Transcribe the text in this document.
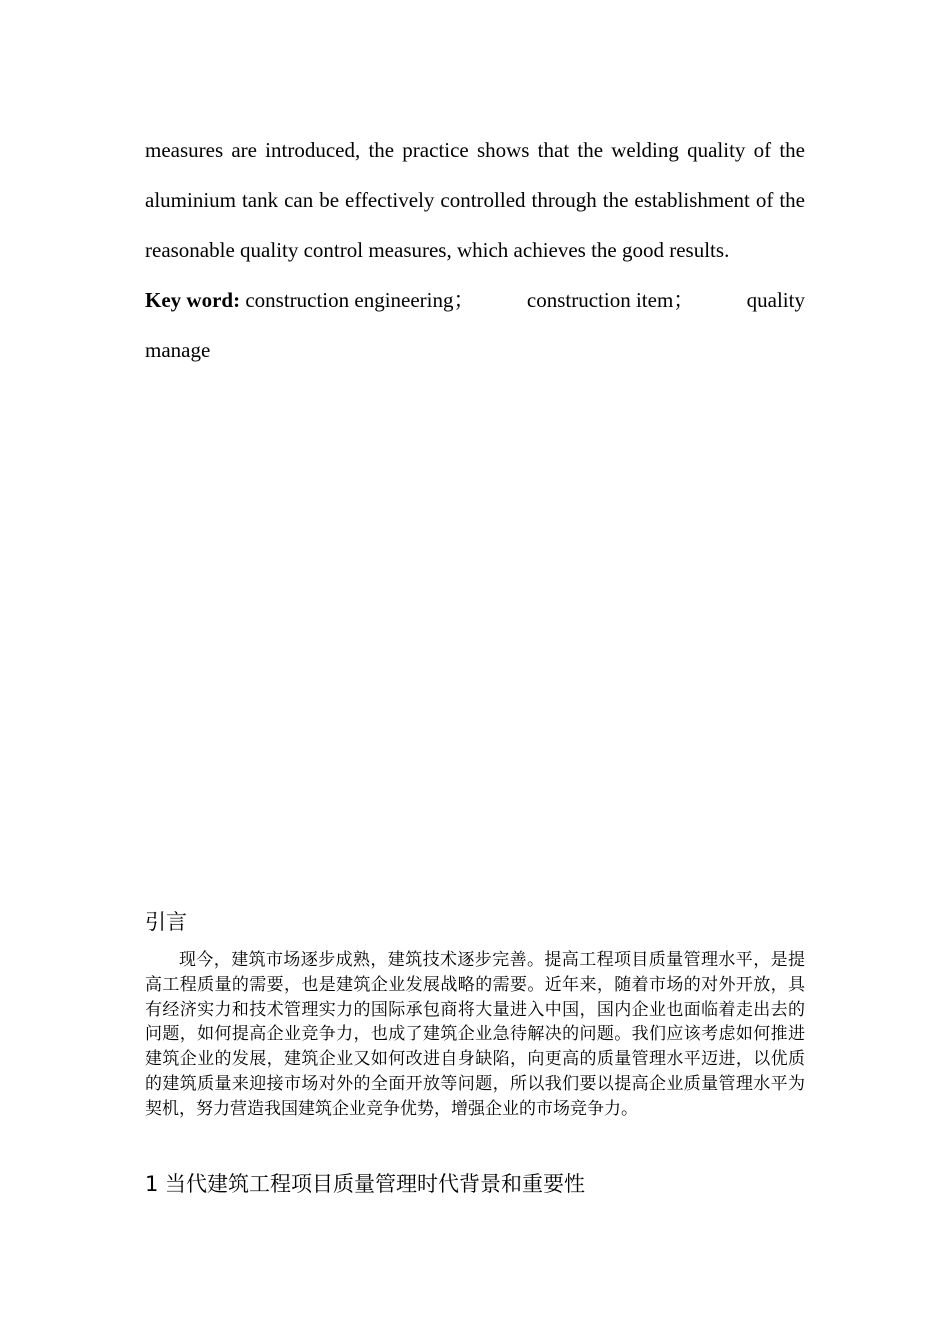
measures are introduced, the practice shows that the welding quality of the aluminium tank can be effectively controlled through the establishment of the reasonable quality control measures, which achieves the good results.

Key word: construction engineering； construction item； quality
manage
引言

现今，建筑市场逐步成熟，建筑技术逐步完善。提高工程项目质量管理水平，是提高工程质量的需要，也是建筑企业发展战略的需要。近年来，随着市场的对外开放，具有经济实力和技术管理实力的国际承包商将大量进入中国，国内企业也面临着走出去的问题，如何提高企业竞争力，也成了建筑企业急待解决的问题。我们应该考虑如何推进建筑企业的发展，建筑企业又如何改进自身缺陷，向更高的质量管理水平迈进，以优质的建筑质量来迎接市场对外的全面开放等问题，所以我们要以提高企业质量管理水平为契机，努力营造我国建筑企业竞争优势，增强企业的市场竞争力。

1 当代建筑工程项目质量管理时代背景和重要性
